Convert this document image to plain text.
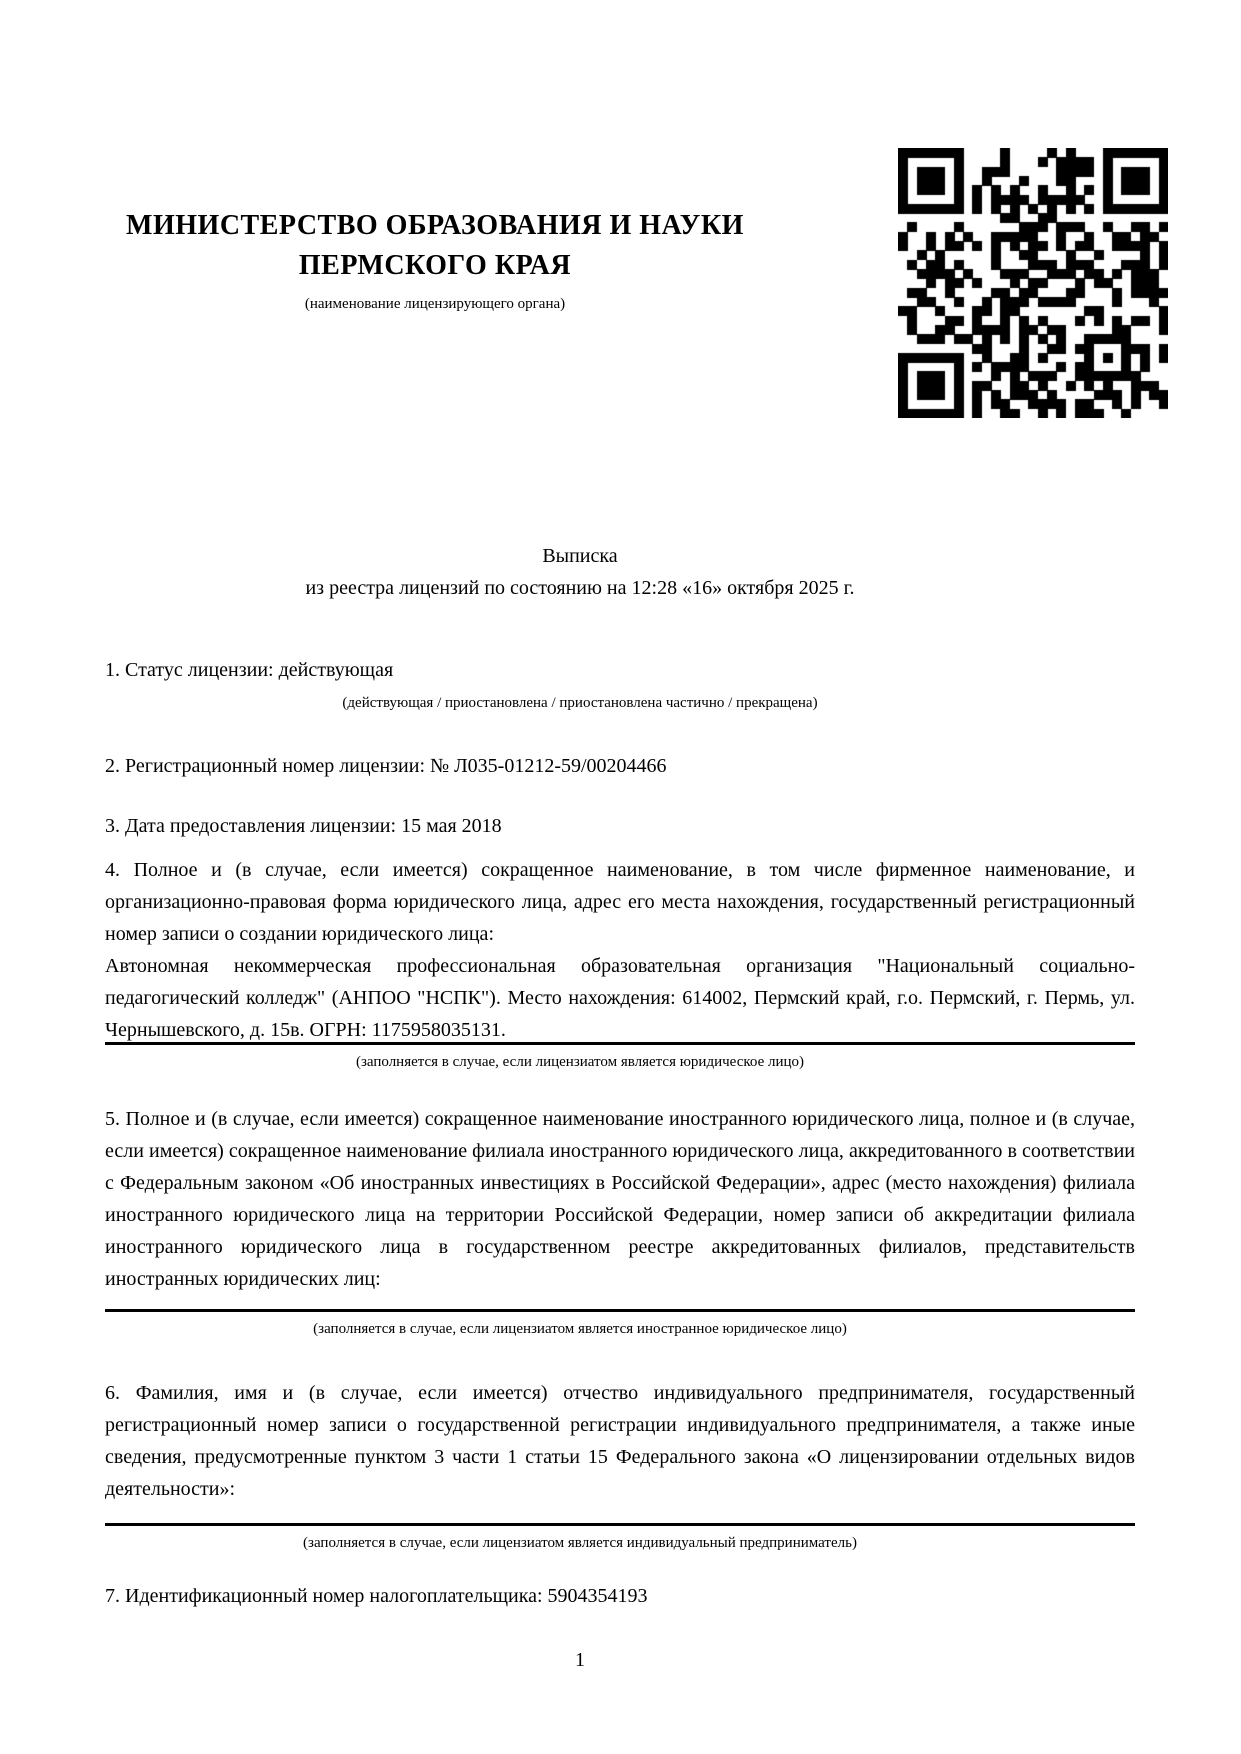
МИНИСТЕРСТВО ОБРАЗОВАНИЯ И НАУКИ
ПЕРМСКОГО КРАЯ
(наименование лицензирующего органа)
Выписка
из реестра лицензий по состоянию на 12:28 «16» октября 2025 г.
1. Статус лицензии: действующая
(действующая / приостановлена / приостановлена частично / прекращена)
2. Регистрационный номер лицензии: № Л035-01212-59/00204466
3. Дата предоставления лицензии: 15 мая 2018
4. Полное и (в случае, если имеется) сокращенное наименование, в том числе фирменное наименование, и организационно-правовая форма юридического лица, адрес его места нахождения, государственный регистрационный номер записи о создании юридического лица:
Автономная некоммерческая профессиональная образовательная организация "Национальный социально-педагогический колледж" (АНПОО "НСПК"). Место нахождения: 614002, Пермский край, г.о. Пермский, г. Пермь, ул. Чернышевского, д. 15в. ОГРН: 1175958035131.
(заполняется в случае, если лицензиатом является юридическое лицо)
5. Полное и (в случае, если имеется) сокращенное наименование иностранного юридического лица, полное и (в случае, если имеется) сокращенное наименование филиала иностранного юридического лица, аккредитованного в соответствии с Федеральным законом «Об иностранных инвестициях в Российской Федерации», адрес (место нахождения) филиала иностранного юридического лица на территории Российской Федерации, номер записи об аккредитации филиала иностранного юридического лица в государственном реестре аккредитованных филиалов, представительств иностранных юридических лиц:
(заполняется в случае, если лицензиатом является иностранное юридическое лицо)
6. Фамилия, имя и (в случае, если имеется) отчество индивидуального предпринимателя, государственный регистрационный номер записи о государственной регистрации индивидуального предпринимателя, а также иные сведения, предусмотренные пунктом 3 части 1 статьи 15 Федерального закона «О лицензировании отдельных видов деятельности»:
(заполняется в случае, если лицензиатом является индивидуальный предприниматель)
7. Идентификационный номер налогоплательщика: 5904354193
1
